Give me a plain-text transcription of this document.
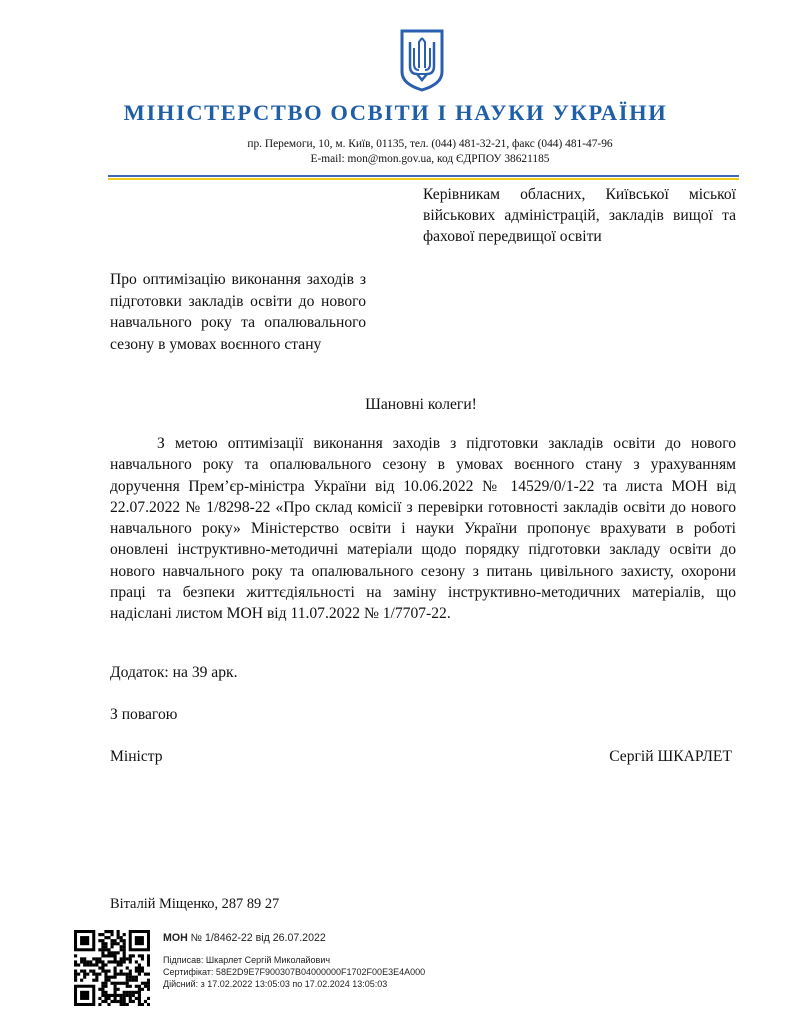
МІНІСТЕРСТВО ОСВІТИ І НАУКИ УКРАЇНИ
пр. Перемоги, 10, м. Київ, 01135, тел. (044) 481-32-21, факс (044) 481-47-96
E-mail: mon@mon.gov.ua, код ЄДРПОУ 38621185
Керівникам обласних, Київської міської військових адміністрацій, закладів вищої та фахової передвищої освіти
Про оптимізацію виконання заходів з підготовки закладів освіти до нового навчального року та опалювального сезону в умовах воєнного стану
Шановні колеги!
З метою оптимізації виконання заходів з підготовки закладів освіти до нового навчального року та опалювального сезону в умовах воєнного стану з урахуванням доручення Прем’єр-міністра України від 10.06.2022 № 14529/0/1-22 та листа МОН від 22.07.2022 № 1/8298-22 «Про склад комісії з перевірки готовності закладів освіти до нового навчального року» Міністерство освіти і науки України пропонує врахувати в роботі оновлені інструктивно-методичні матеріали щодо порядку підготовки закладу освіти до нового навчального року та опалювального сезону з питань цивільного захисту, охорони праці та безпеки життєдіяльності на заміну інструктивно-методичних матеріалів, що надіслані листом МОН від 11.07.2022 № 1/7707-22.
Додаток: на 39 арк.
З повагою
Міністр	Сергій ШКАРЛЕТ
Віталій Міщенко, 287 89 27
МОН № 1/8462-22 від 26.07.2022
Підписав: Шкарлет Сергій Миколайович
Сертифікат: 58E2D9E7F900307B04000000F1702F00E3E4A000
Дійсний: з 17.02.2022 13:05:03 по 17.02.2024 13:05:03
